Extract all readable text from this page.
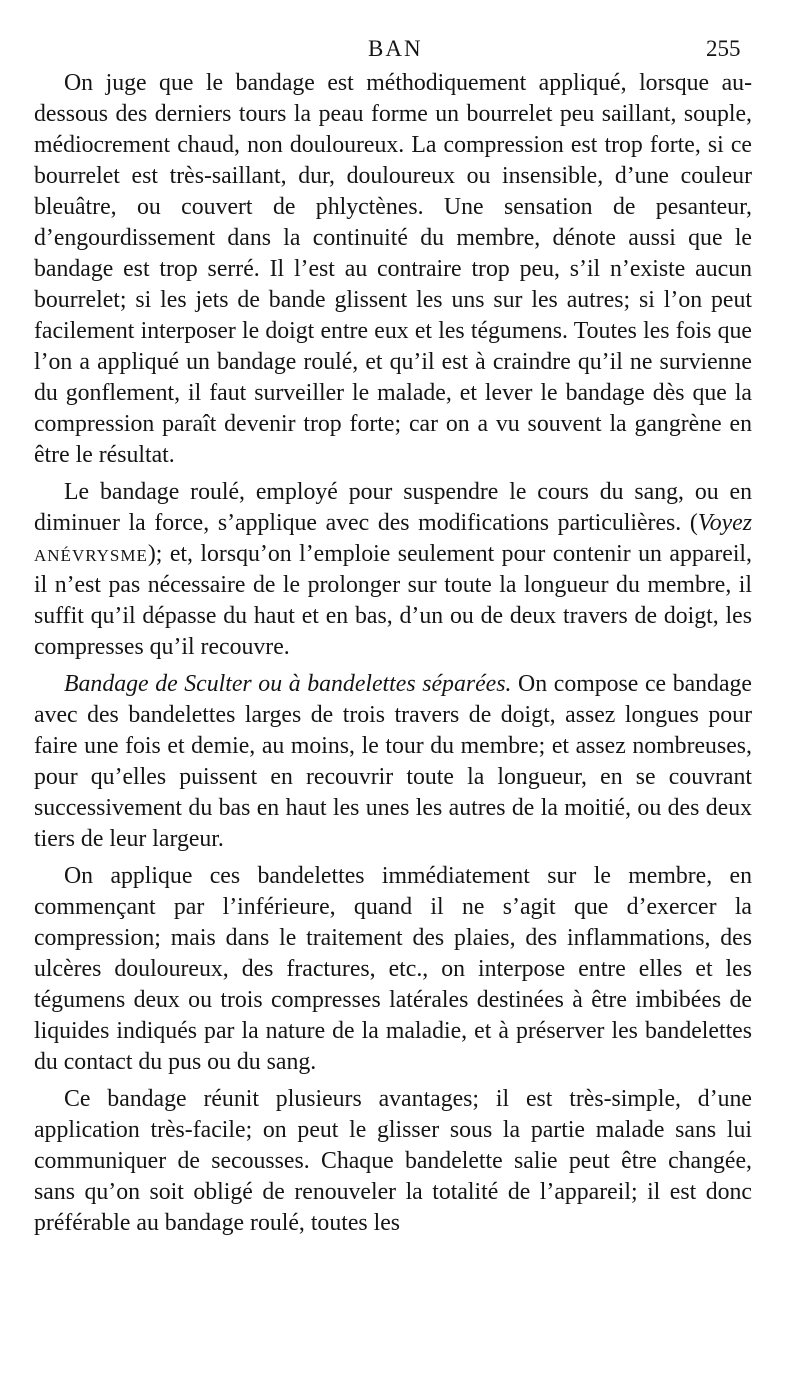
BAN	255

On juge que le bandage est méthodiquement appliqué, lorsque au-dessous des derniers tours la peau forme un bourrelet peu saillant, souple, médiocrement chaud, non douloureux. La compression est trop forte, si ce bourrelet est très-saillant, dur, douloureux ou insensible, d’une couleur bleuâtre, ou couvert de phlyctènes. Une sensation de pesanteur, d’engourdissement dans la continuité du membre, dénote aussi que le bandage est trop serré. Il l’est au contraire trop peu, s’il n’existe aucun bourrelet; si les jets de bande glissent les uns sur les autres; si l’on peut facilement interposer le doigt entre eux et les tégumens. Toutes les fois que l’on a appliqué un bandage roulé, et qu’il est à craindre qu’il ne survienne du gonflement, il faut surveiller le malade, et lever le bandage dès que la compression paraît devenir trop forte; car on a vu souvent la gangrène en être le résultat.

Le bandage roulé, employé pour suspendre le cours du sang, ou en diminuer la force, s’applique avec des modifications particulières. (Voyez anévrysme); et, lorsqu’on l’emploie seulement pour contenir un appareil, il n’est pas nécessaire de le prolonger sur toute la longueur du membre, il suffit qu’il dépasse du haut et en bas, d’un ou de deux travers de doigt, les compresses qu’il recouvre.

Bandage de Sculter ou à bandelettes séparées. On compose ce bandage avec des bandelettes larges de trois travers de doigt, assez longues pour faire une fois et demie, au moins, le tour du membre; et assez nombreuses, pour qu’elles puissent en recouvrir toute la longueur, en se couvrant successivement du bas en haut les unes les autres de la moitié, ou des deux tiers de leur largeur.

On applique ces bandelettes immédiatement sur le membre, en commençant par l’inférieure, quand il ne s’agit que d’exercer la compression; mais dans le traitement des plaies, des inflammations, des ulcères douloureux, des fractures, etc., on interpose entre elles et les tégumens deux ou trois compresses latérales destinées à être imbibées de liquides indiqués par la nature de la maladie, et à préserver les bandelettes du contact du pus ou du sang.

Ce bandage réunit plusieurs avantages; il est très-simple, d’une application très-facile; on peut le glisser sous la partie malade sans lui communiquer de secousses. Chaque bandelette salie peut être changée, sans qu’on soit obligé de renouveler la totalité de l’appareil; il est donc préférable au bandage roulé, toutes les
